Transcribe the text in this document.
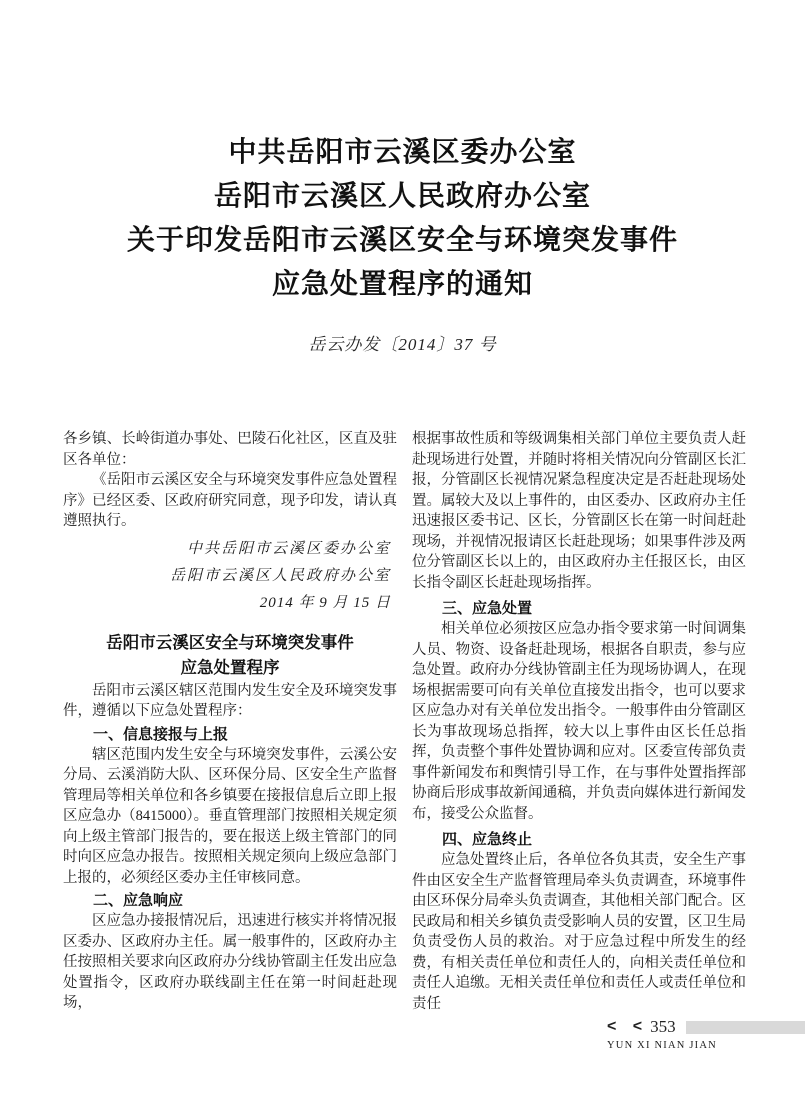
中共岳阳市云溪区委办公室
岳阳市云溪区人民政府办公室
关于印发岳阳市云溪区安全与环境突发事件
应急处置程序的通知
岳云办发〔2014〕37 号

各乡镇、长岭街道办事处、巴陵石化社区，区直及驻区各单位：

《岳阳市云溪区安全与环境突发事件应急处置程序》已经区委、区政府研究同意，现予印发，请认真遵照执行。

中共岳阳市云溪区委办公室
岳阳市云溪区人民政府办公室
2014 年 9 月 15 日
岳阳市云溪区安全与环境突发事件
应急处置程序

岳阳市云溪区辖区范围内发生安全及环境突发事件，遵循以下应急处置程序：

一、信息接报与上报

辖区范围内发生安全与环境突发事件，云溪公安分局、云溪消防大队、区环保分局、区安全生产监督管理局等相关单位和各乡镇要在接报信息后立即上报区应急办（8415000）。垂直管理部门按照相关规定须向上级主管部门报告的，要在报送上级主管部门的同时向区应急办报告。按照相关规定须向上级应急部门上报的，必须经区委办主任审核同意。

二、应急响应

区应急办接报情况后，迅速进行核实并将情况报区委办、区政府办主任。属一般事件的，区政府办主任按照相关要求向区政府办分线协管副主任发出应急处置指令，区政府办联线副主任在第一时间赶赴现场，

根据事故性质和等级调集相关部门单位主要负责人赶赴现场进行处置，并随时将相关情况向分管副区长汇报，分管副区长视情况紧急程度决定是否赶赴现场处置。属较大及以上事件的，由区委办、区政府办主任迅速报区委书记、区长，分管副区长在第一时间赶赴现场，并视情况报请区长赶赴现场；如果事件涉及两位分管副区长以上的，由区政府办主任报区长，由区长指令副区长赶赴现场指挥。

三、应急处置

相关单位必须按区应急办指令要求第一时间调集人员、物资、设备赶赴现场，根据各自职责，参与应急处置。政府办分线协管副主任为现场协调人，在现场根据需要可向有关单位直接发出指令，也可以要求区应急办对有关单位发出指令。一般事件由分管副区长为事故现场总指挥，较大以上事件由区长任总指挥，负责整个事件处置协调和应对。区委宣传部负责事件新闻发布和舆情引导工作，在与事件处置指挥部协商后形成事故新闻通稿，并负责向媒体进行新闻发布，接受公众监督。

四、应急终止

应急处置终止后，各单位各负其责，安全生产事件由区安全生产监督管理局牵头负责调查，环境事件由区环保分局牵头负责调查，其他相关部门配合。区民政局和相关乡镇负责受影响人员的安置，区卫生局负责受伤人员的救治。对于应急过程中所发生的经费，有相关责任单位和责任人的，向相关责任单位和责任人追缴。无相关责任单位和责任人或责任单位和责任

< < 353
YUN XI NIAN JIAN
